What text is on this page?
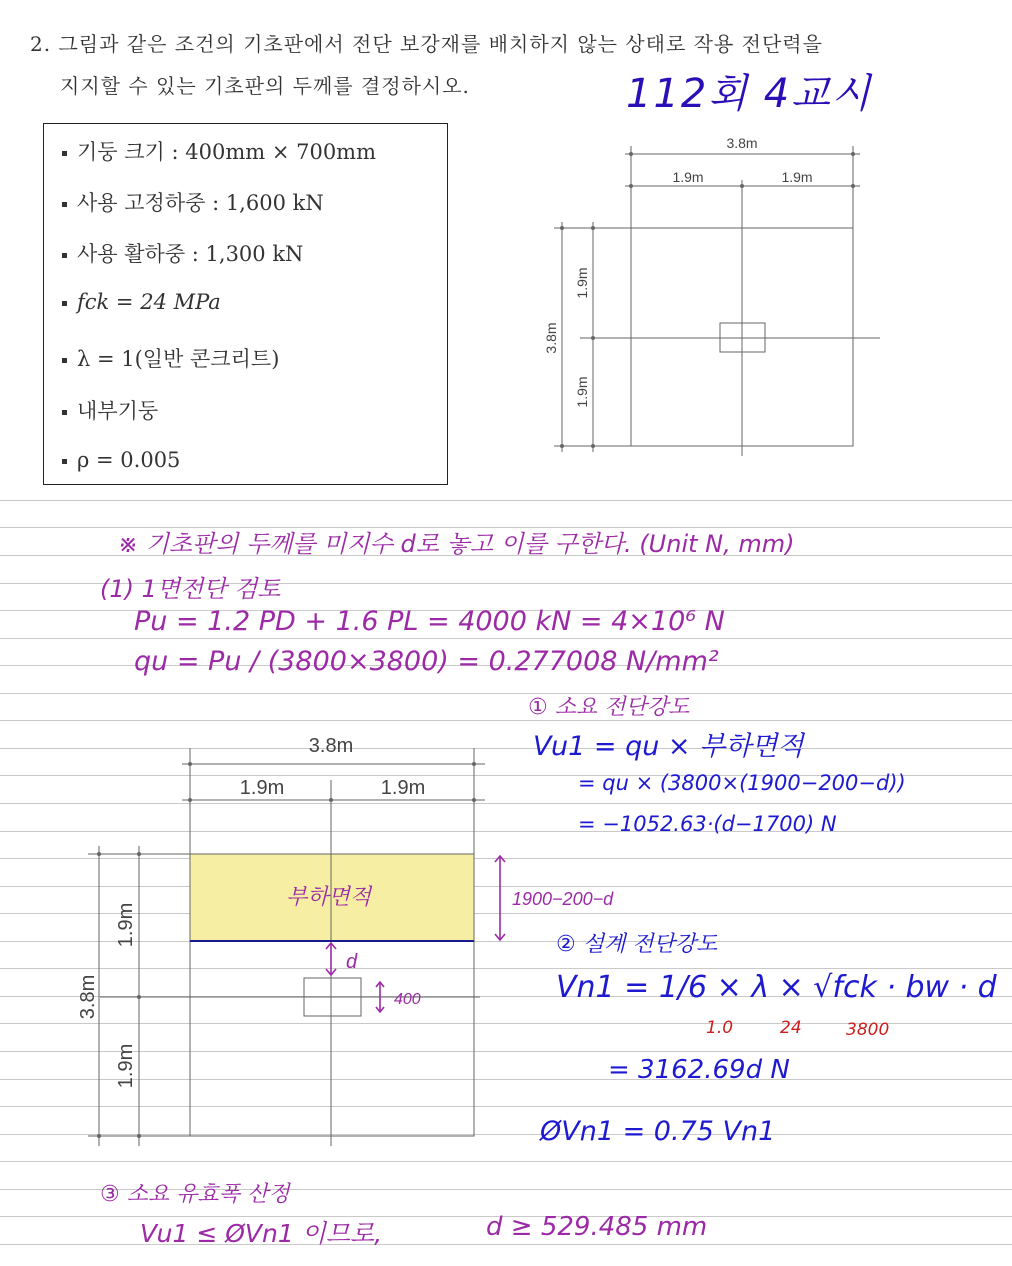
2. 그림과 같은 조건의 기초판에서 전단 보강재를 배치하지 않는 상태로 작용 전단력을
지지할 수 있는 기초판의 두께를 결정하시오.	112회 4교시
기둥 크기 : 400mm × 700mm
사용 고정하중 : 1,600 kN
사용 활하중 : 1,300 kN
fck = 24 MPa
λ = 1(일반 콘크리트)
내부기둥
ρ = 0.005
3.8m
1.9m	1.9m
3.8m
1.9m
1.9m
※ 기초판의 두께를 미지수 d로 놓고 이를 구한다. (Unit N, mm)
(1) 1면전단 검토
Pu = 1.2 PD + 1.6 PL = 4000 kN = 4×10⁶ N
qu = Pu / (3800×3800) = 0.277008 N/mm²
① 소요 전단강도
Vu1 = qu × 부하면적
= qu × (3800×(1900−200−d))
= −1052.63·(d−1700) N
② 설계 전단강도
Vn1 = 1/6 × λ × √fck · bw · d
1.0	24	3800
= 3162.69d N
ØVn1 = 0.75 Vn1
③ 소요 유효폭 산정
Vu1 ≤ ØVn1 이므로,	d ≥ 529.485 mm
3.8m
1.9m	1.9m
3.8m
1.9m
1.9m
부하면적
d
400
1900−200−d
